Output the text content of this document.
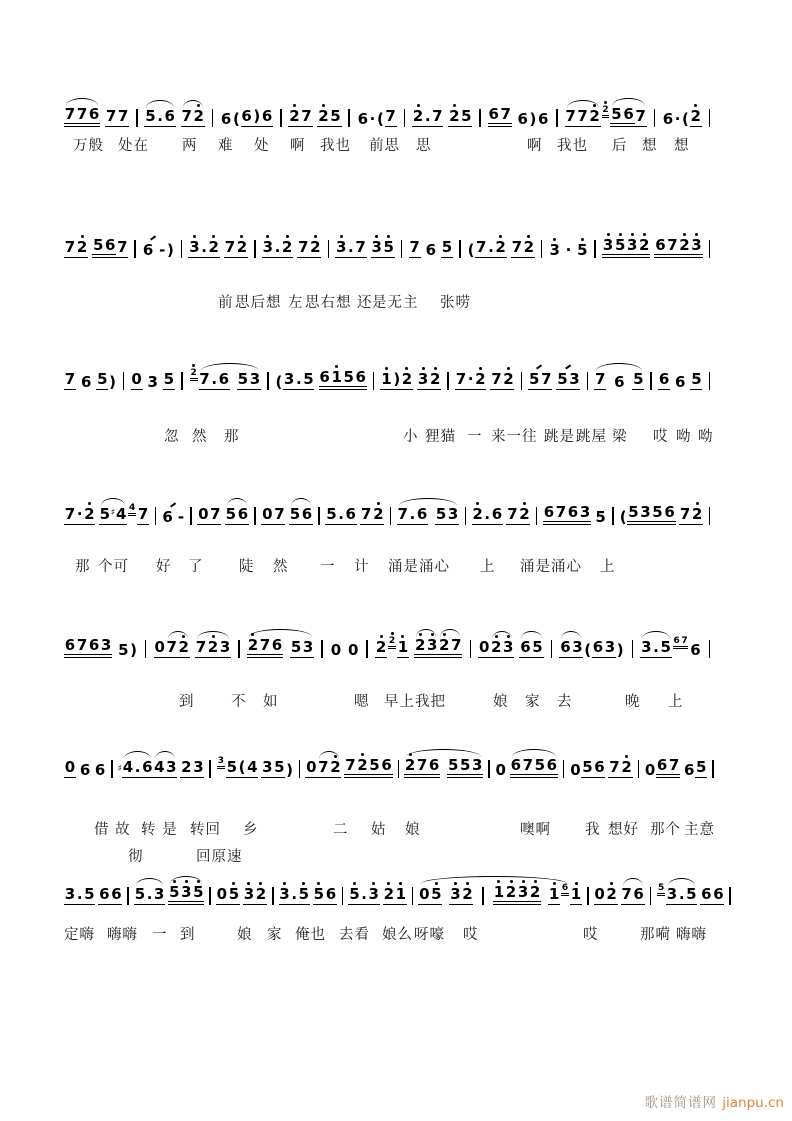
7 7 6 7 7 5 . 6 7 2 6 ( 6 ) 6 2 7 2 5 6 · ( 7 2 . 7 2 5 6 7 6 ) 6 7 7 2 2 5 6 7 6 · ( 2
万般 处在 两 难 处 啊 我也 前思 思	啊 我也 后 想 想
7 2 5 6 7 6 - ) 3 . 2 7 2 3 . 2 7 2 3 . 7 3 5 7 6 5 ( 7 . 2 7 2 3 · 5 3 5 3 2 6 7 2 3
前 思后想 左 思右想 还 是无主 张唠
7 6 5 ) 0 3 5 2 7 . 6 5 3 ( 3 . 5 6 1 5 6 1 ) 2 3 2 7 · 2 7 2 5 7 5 3 7 6 5 6 6 5
忽 然 那	小 狸猫 一 来一往 跳是 跳屋 梁 哎 呦 呦
7 · 2 5 ♯ 4 4 7 6 - 0 7 5 6 0 7 5 6 5 . 6 7 2 7 . 6 5 3 2 . 6 7 2 6 7 6 3 5 ( 5 3 5 6 7 2
那 个可 好 了 陡 然 一 计 涌是涌心 上 涌是涌心 上
6 7 6 3 5 ) 0 7 2 7 2 3 2 7 6 5 3 0 0 2 2 1 2 3 2 7 0 2 3 6 5 6 3 ( 6 3 ) 3 . 5 6 7 6
到	不 如	嗯 早上我把	娘 家 去	晚 上
0 6 6 ♯ 4 . 6 4 3 2 3 3 5 ( 4 3 5 ) 0 7 2 7 2 5 6 2 7 6 5 5 3 0 6 7 5 6 0 5 6 7 2 0 6 7 6 5
借 故 转 是 转回 乡	二 姑 娘	噢啊 我 想好 那个 主意
彻	回原速
3 . 5 6 6 5 . 3 5 3 5 0 5 3 2 3 . 5 5 6 5 . 3 2 1 0 5 3 2 1 2 3 2 1 6 1 0 2 7 6 5 3 . 5 6 6
定嗨 嗨嗨 一 到	娘 家 俺也 去看 娘么 呀嚎 哎	哎	那嗬 嗨嗨
歌谱简谱网 jianpu.cn
